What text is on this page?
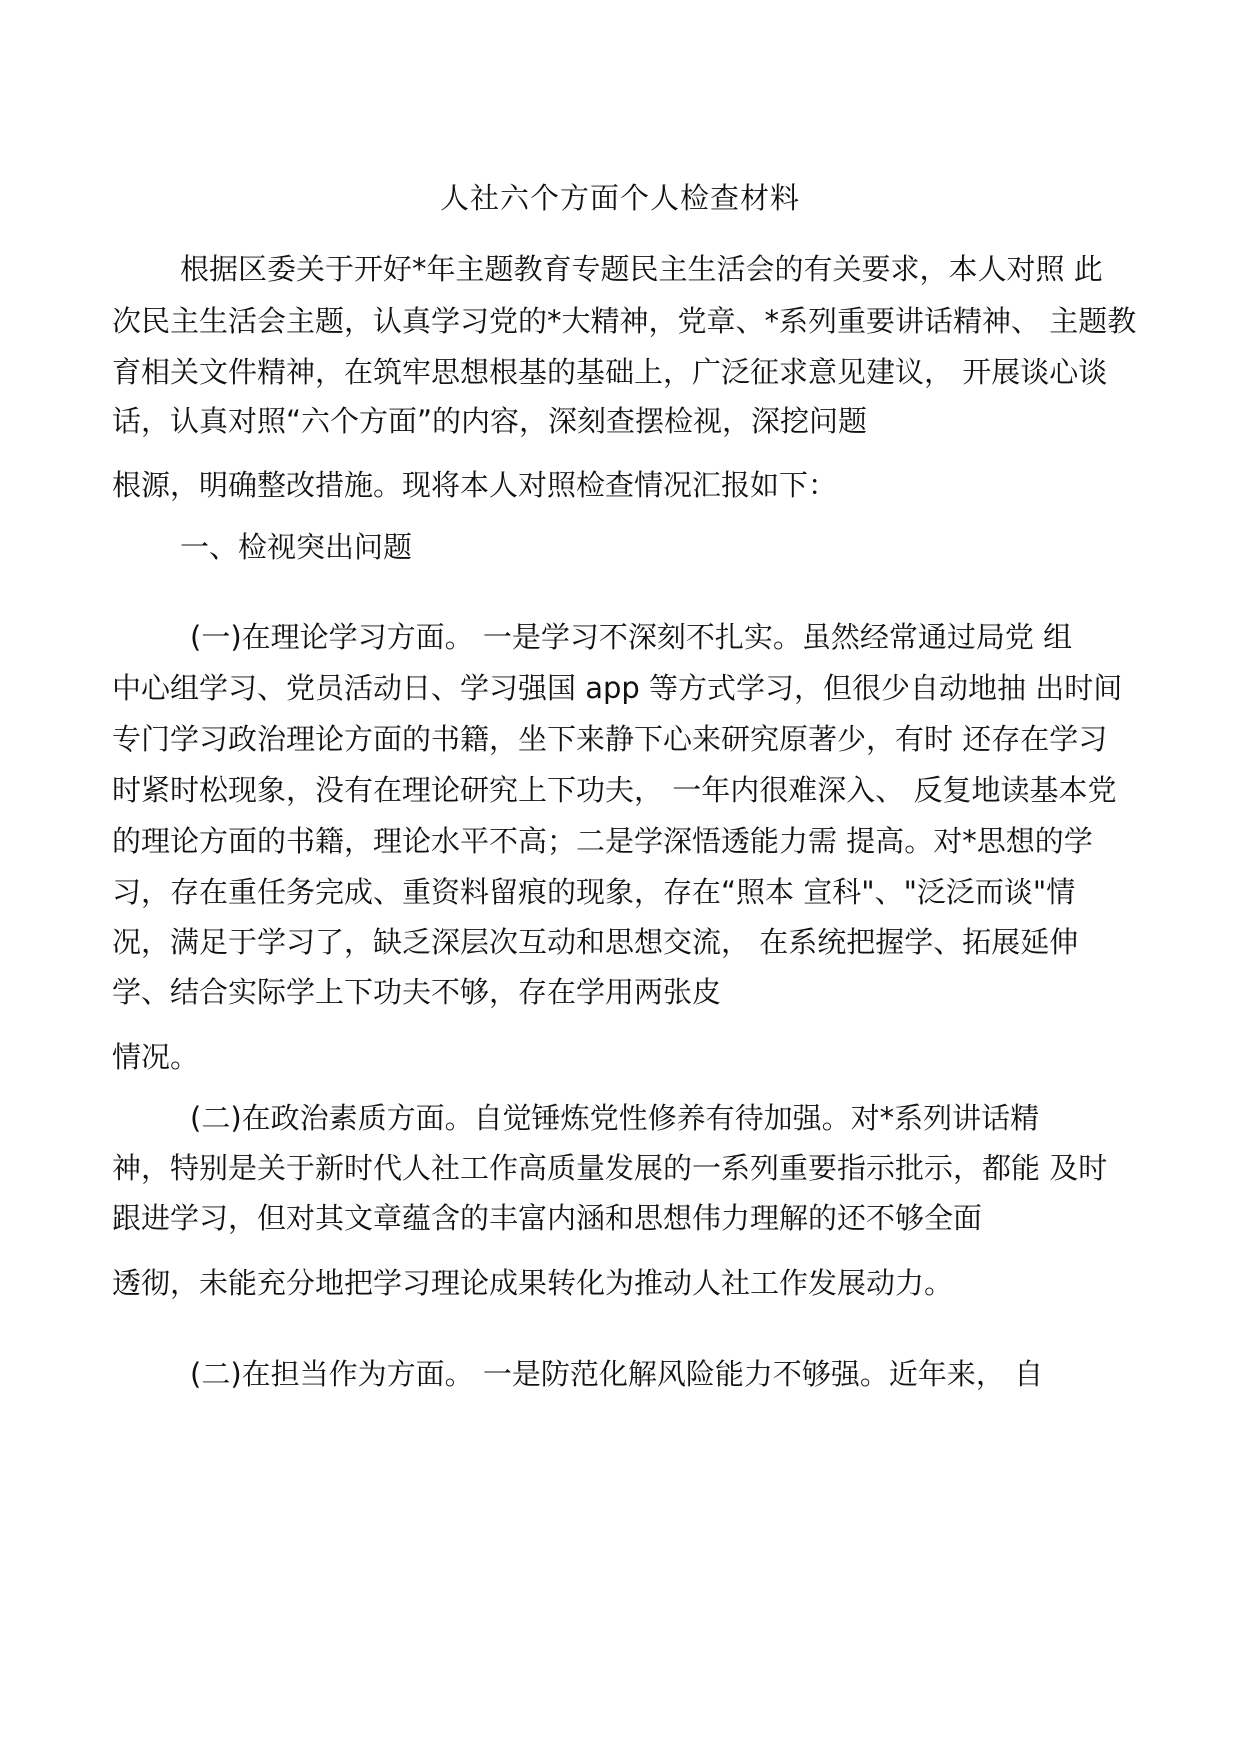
人社六个方面个人检查材料
根据区委关于开好*年主题教育专题民主生活会的有关要求，本人对照 此
次民主生活会主题，认真学习党的*大精神，党章、*系列重要讲话精神、 主题教
育相关文件精神，在筑牢思想根基的基础上，广泛征求意见建议， 开展谈心谈
话，认真对照“六个方面”的内容，深刻查摆检视，深挖问题
根源，明确整改措施。现将本人对照检查情况汇报如下：
一、检视突出问题
(一)在理论学习方面。 一是学习不深刻不扎实。虽然经常通过局党 组
中心组学习、党员活动日、学习强国 app 等方式学习，但很少自动地抽 出时间
专门学习政治理论方面的书籍，坐下来静下心来研究原著少，有时 还存在学习
时紧时松现象，没有在理论研究上下功夫， 一年内很难深入、 反复地读基本党
的理论方面的书籍，理论水平不高；二是学深悟透能力需 提高。对*思想的学
习，存在重任务完成、重资料留痕的现象，存在“照本 宣科"、"泛泛而谈"情
况，满足于学习了，缺乏深层次互动和思想交流， 在系统把握学、拓展延伸
学、结合实际学上下功夫不够，存在学用两张皮
情况。
(二)在政治素质方面。自觉锤炼党性修养有待加强。对*系列讲话精
神，特别是关于新时代人社工作高质量发展的一系列重要指示批示，都能 及时
跟进学习，但对其文章蕴含的丰富内涵和思想伟力理解的还不够全面
透彻，未能充分地把学习理论成果转化为推动人社工作发展动力。
(二)在担当作为方面。 一是防范化解风险能力不够强。近年来， 自
